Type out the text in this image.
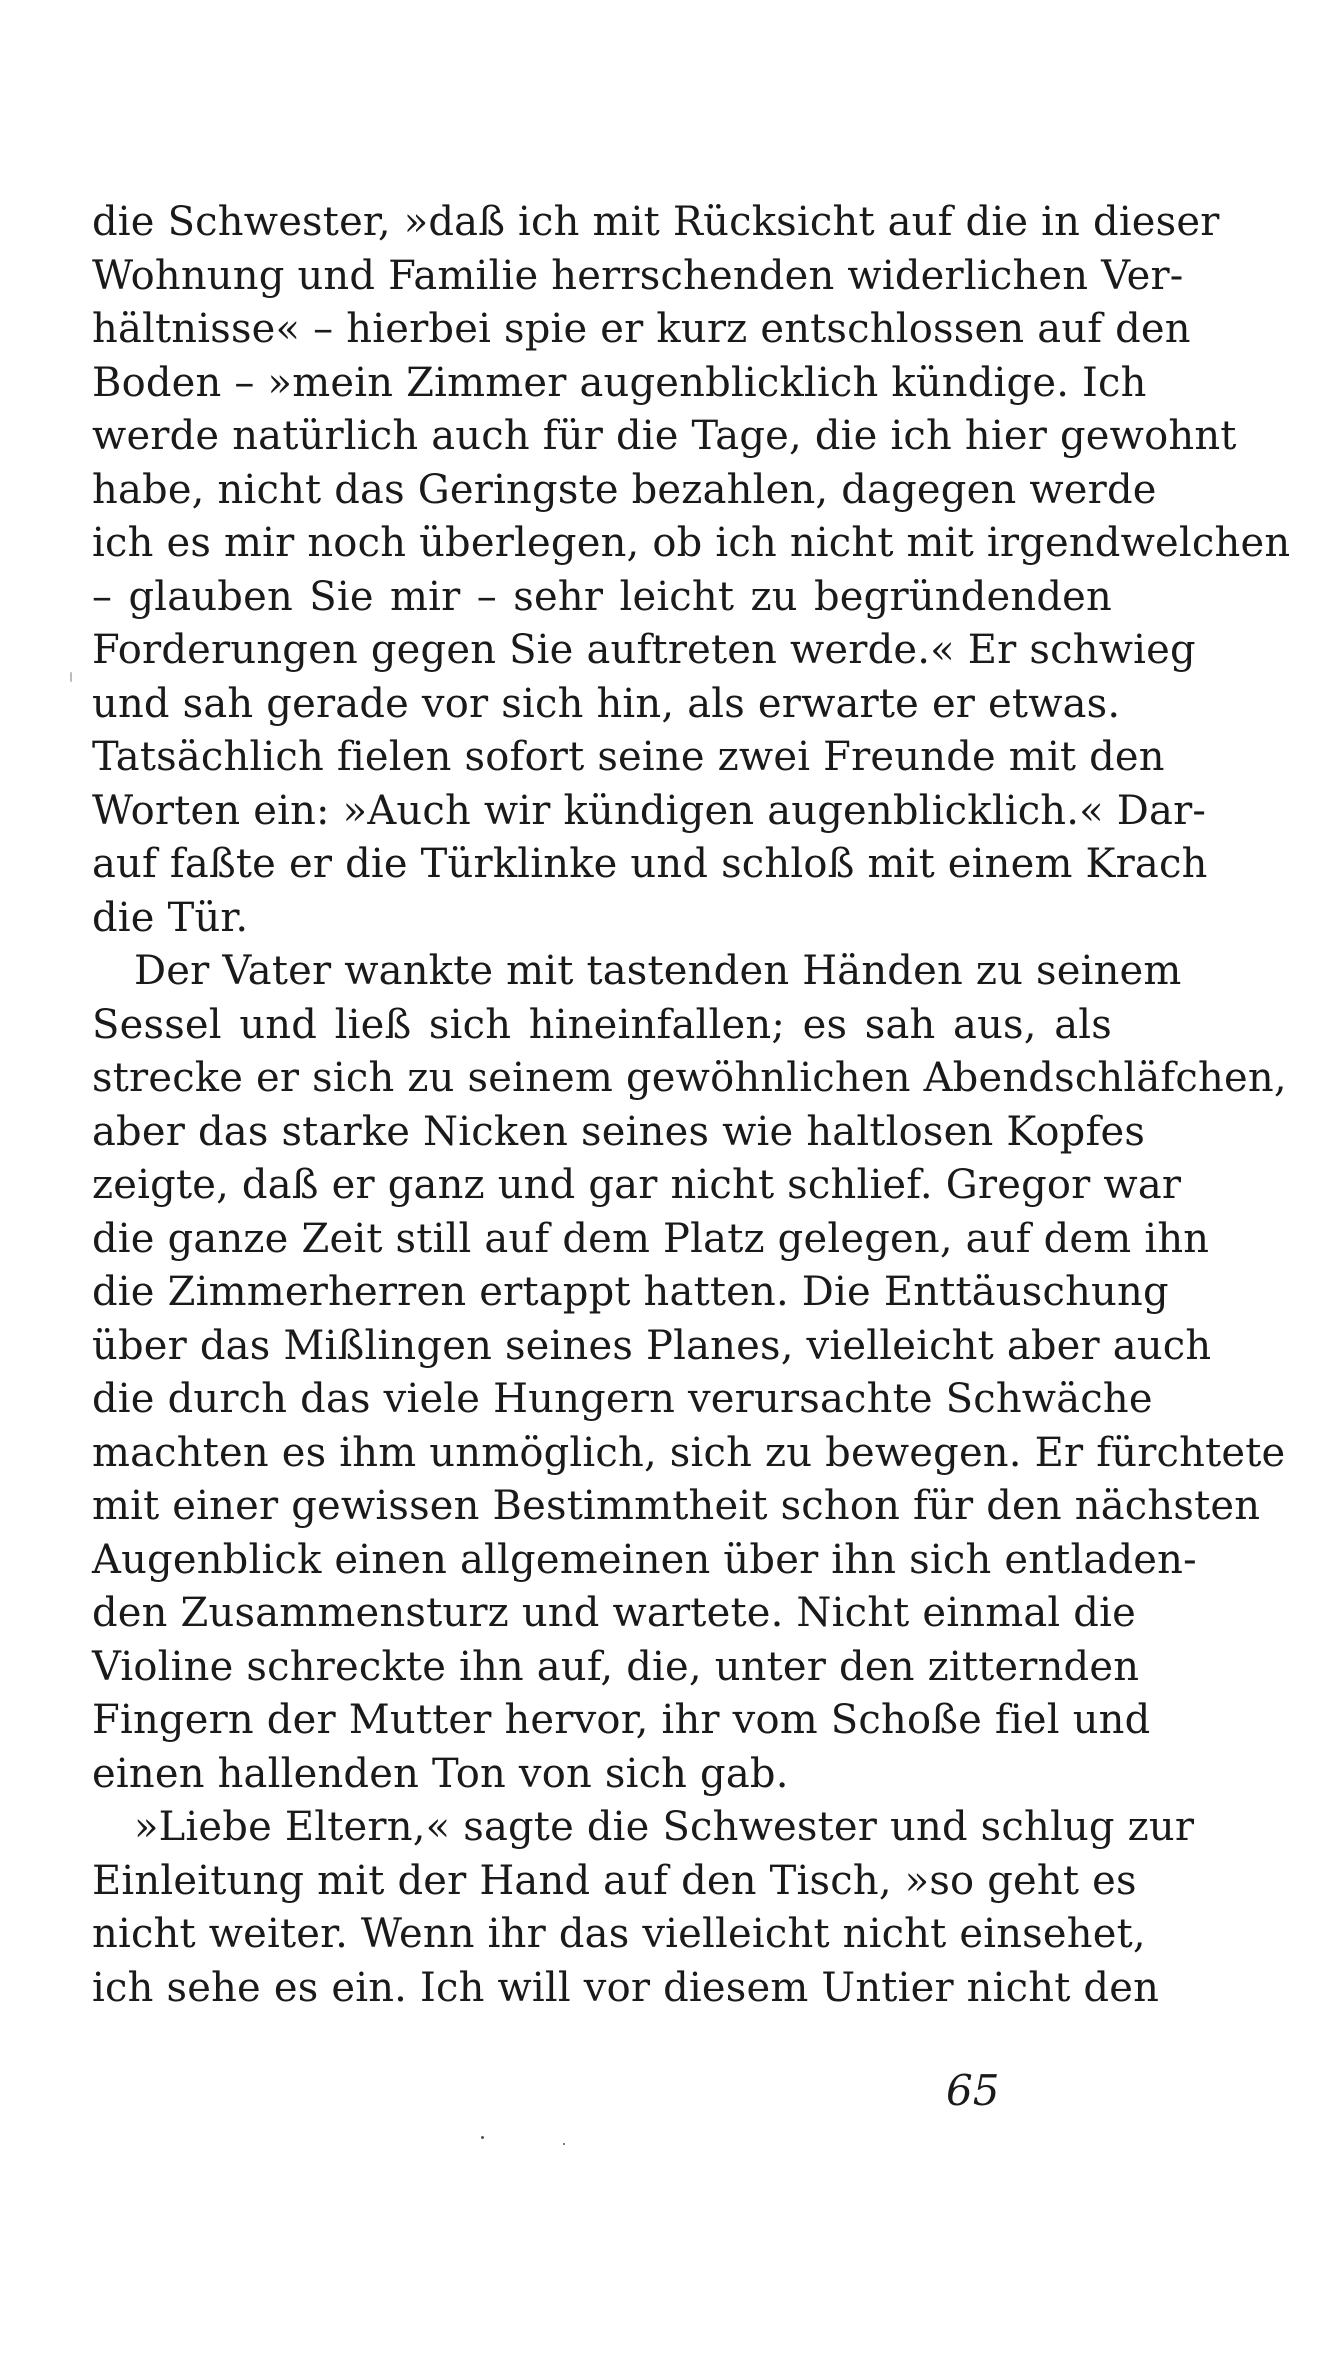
die Schwester, »daß ich mit Rücksicht auf die in dieser
Wohnung und Familie herrschenden widerlichen Ver-
hältnisse« – hierbei spie er kurz entschlossen auf den
Boden – »mein Zimmer augenblicklich kündige. Ich
werde natürlich auch für die Tage, die ich hier gewohnt
habe, nicht das Geringste bezahlen, dagegen werde
ich es mir noch überlegen, ob ich nicht mit irgendwelchen
– glauben Sie mir – sehr leicht zu begründenden
Forderungen gegen Sie auftreten werde.« Er schwieg
und sah gerade vor sich hin, als erwarte er etwas.
Tatsächlich fielen sofort seine zwei Freunde mit den
Worten ein: »Auch wir kündigen augenblicklich.« Dar-
auf faßte er die Türklinke und schloß mit einem Krach
die Tür.
Der Vater wankte mit tastenden Händen zu seinem
Sessel und ließ sich hineinfallen; es sah aus, als
strecke er sich zu seinem gewöhnlichen Abendschläfchen,
aber das starke Nicken seines wie haltlosen Kopfes
zeigte, daß er ganz und gar nicht schlief. Gregor war
die ganze Zeit still auf dem Platz gelegen, auf dem ihn
die Zimmerherren ertappt hatten. Die Enttäuschung
über das Mißlingen seines Planes, vielleicht aber auch
die durch das viele Hungern verursachte Schwäche
machten es ihm unmöglich, sich zu bewegen. Er fürchtete
mit einer gewissen Bestimmtheit schon für den nächsten
Augenblick einen allgemeinen über ihn sich entladen-
den Zusammensturz und wartete. Nicht einmal die
Violine schreckte ihn auf, die, unter den zitternden
Fingern der Mutter hervor, ihr vom Schoße fiel und
einen hallenden Ton von sich gab.
»Liebe Eltern,« sagte die Schwester und schlug zur
Einleitung mit der Hand auf den Tisch, »so geht es
nicht weiter. Wenn ihr das vielleicht nicht einsehet,
ich sehe es ein. Ich will vor diesem Untier nicht den
65
